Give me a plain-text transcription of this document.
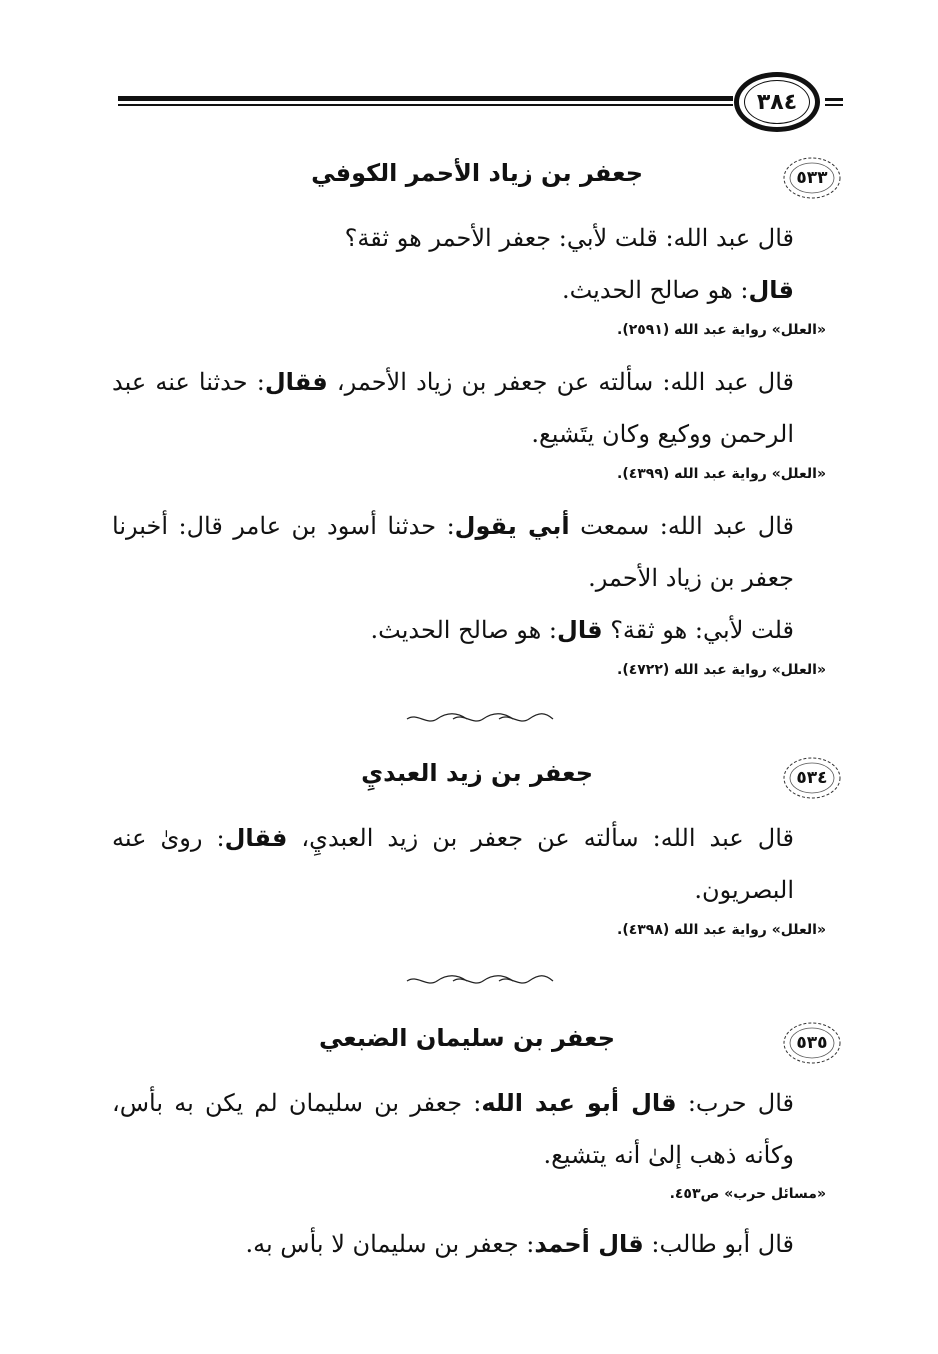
٣٨٤
٥٣٣
جعفر بن زياد الأحمر الكوفي
قال عبد الله: قلت لأبي: جعفر الأحمر هو ثقة؟
قال: هو صالح الحديث.
«العلل» رواية عبد الله (٢٥٩١).
قال عبد الله: سألته عن جعفر بن زياد الأحمر، فقال: حدثنا عنه عبد الرحمن ووكيع وكان يتَشيع.
«العلل» رواية عبد الله (٤٣٩٩).
قال عبد الله: سمعت أبي يقول: حدثنا أسود بن عامر قال: أخبرنا جعفر بن زياد الأحمر.
قلت لأبي: هو ثقة؟ قال: هو صالح الحديث.
«العلل» رواية عبد الله (٤٧٢٢).
٥٣٤
جعفر بن زيد العبديِ
قال عبد الله: سألته عن جعفر بن زيد العبديِ، فقال: روىٰ عنه البصريون.
«العلل» رواية عبد الله (٤٣٩٨).
٥٣٥
جعفر بن سليمان الضبعي
قال حرب: قال أبو عبد الله: جعفر بن سليمان لم يكن به بأس، وكأنه ذهب إلىٰ أنه يتشيع.
«مسائل حرب» ص٤٥٣.
قال أبو طالب: قال أحمد: جعفر بن سليمان لا بأس به.
